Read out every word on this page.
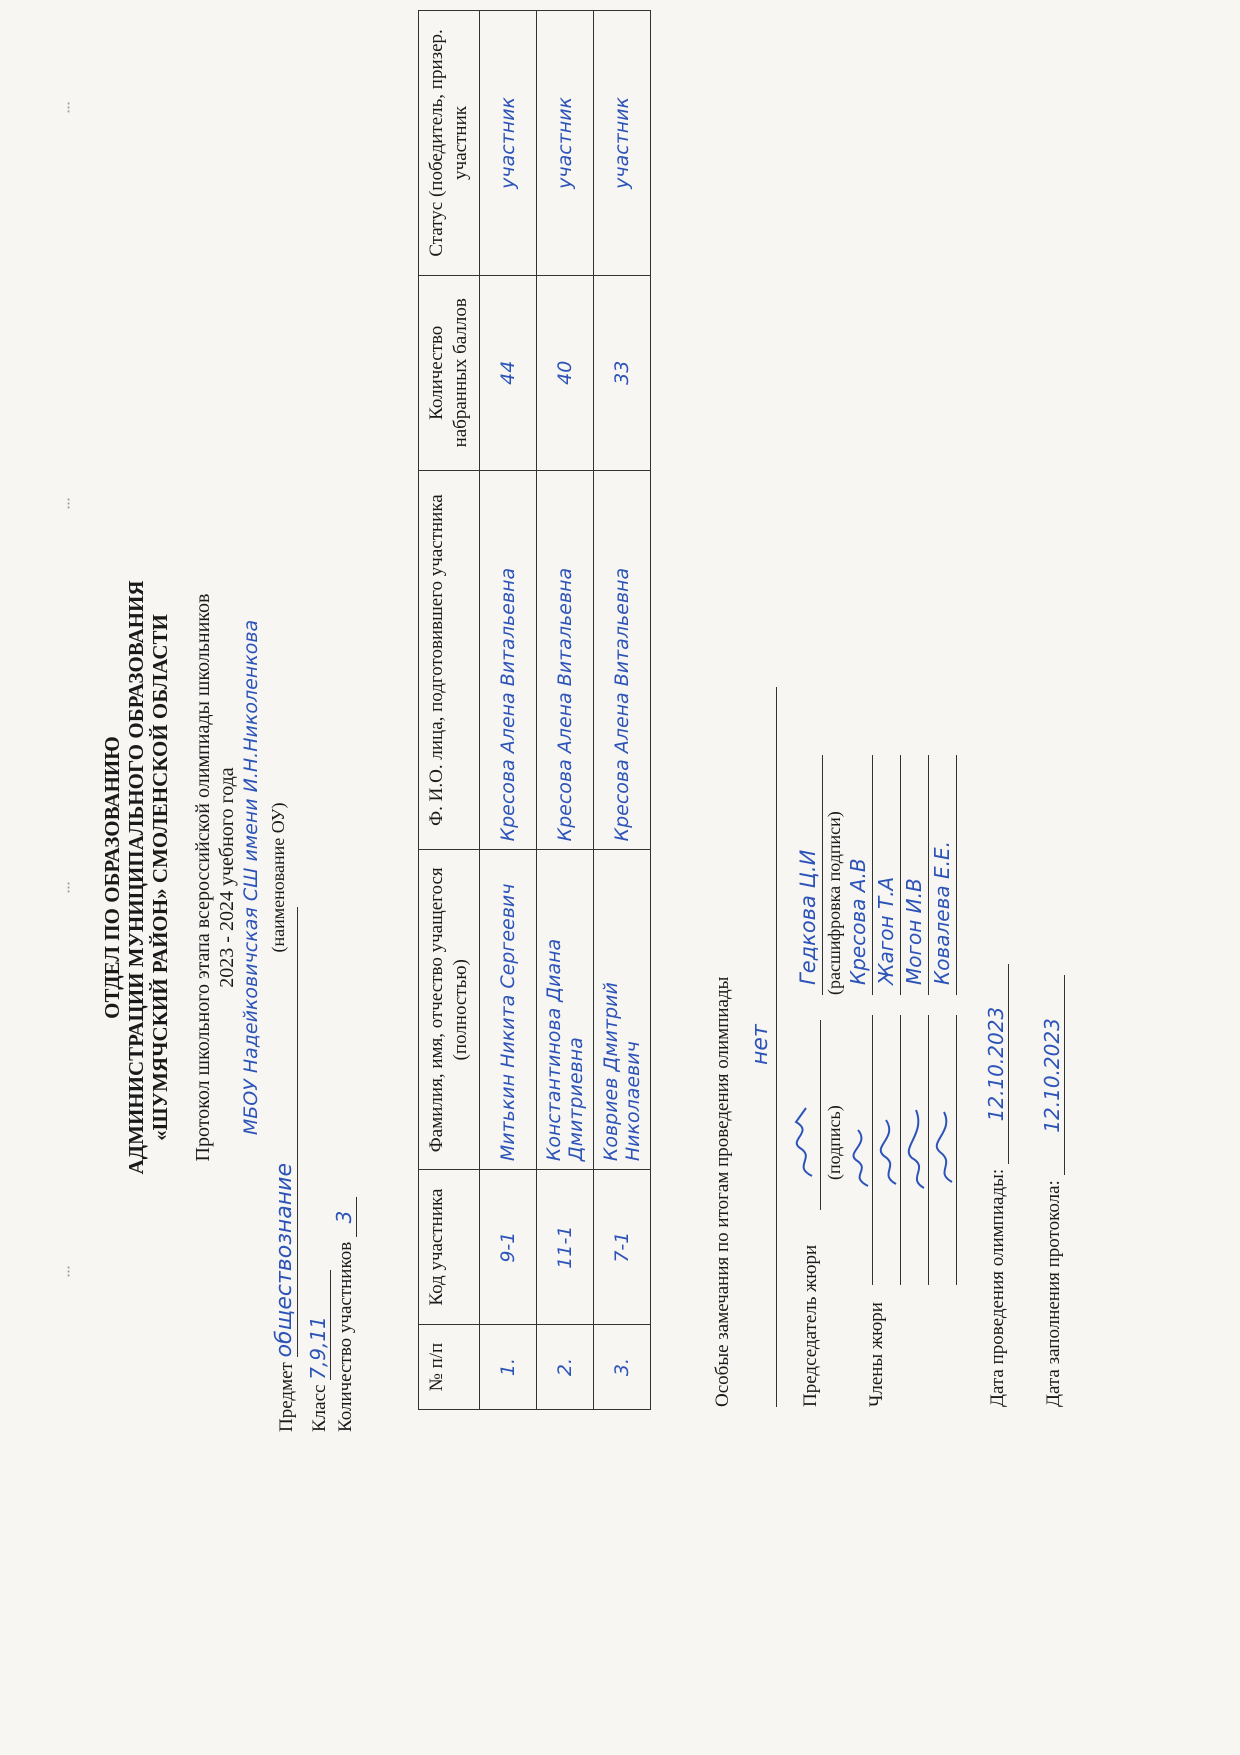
ОТДЕЛ ПО ОБРАЗОВАНИЮ АДМИНИСТРАЦИИ МУНИЦИПАЛЬНОГО ОБРАЗОВАНИЯ «ШУМЯЧСКИЙ РАЙОН» СМОЛЕНСКОЙ ОБЛАСТИ Протокол школьного этапа всероссийской олимпиады школьников 2023 - 2024 учебного года МБОУ Надейковичская СШ имени И.Н.Николенкова (наименование ОУ)
Предмет обществознание
Класс 7,9,11 Количество участников 3
№ п/п	Код участника	Фамилия, имя, отчество учащегося (полностью)	Ф. И.О. лица, подготовившего участника	Количество набранных баллов	Статус (победитель, призер. участник
1.	9-1	Митькин Никита Сергеевич	Кресова Алена Витальевна	44	участник
2.	11-1	Константинова Диана Дмитриевна	Кресова Алена Витальевна	40	участник
3.	7-1	Ковриев Дмитрий Николаевич	Кресова Алена Витальевна	33	участник
Особые замечания по итогам проведения олимпиады нет
Председатель жюри
(подпись)
Гедкова Ц.И (расшифровка подписи)
Члены жюри
Кресова А.В Жагон Т.А Могон И.В Ковалева Е.Е.
Дата проведения олимпиады: 12.10.2023
Дата заполнения протокола: 12.10.2023
⁝
⁝
⁝
⁝
